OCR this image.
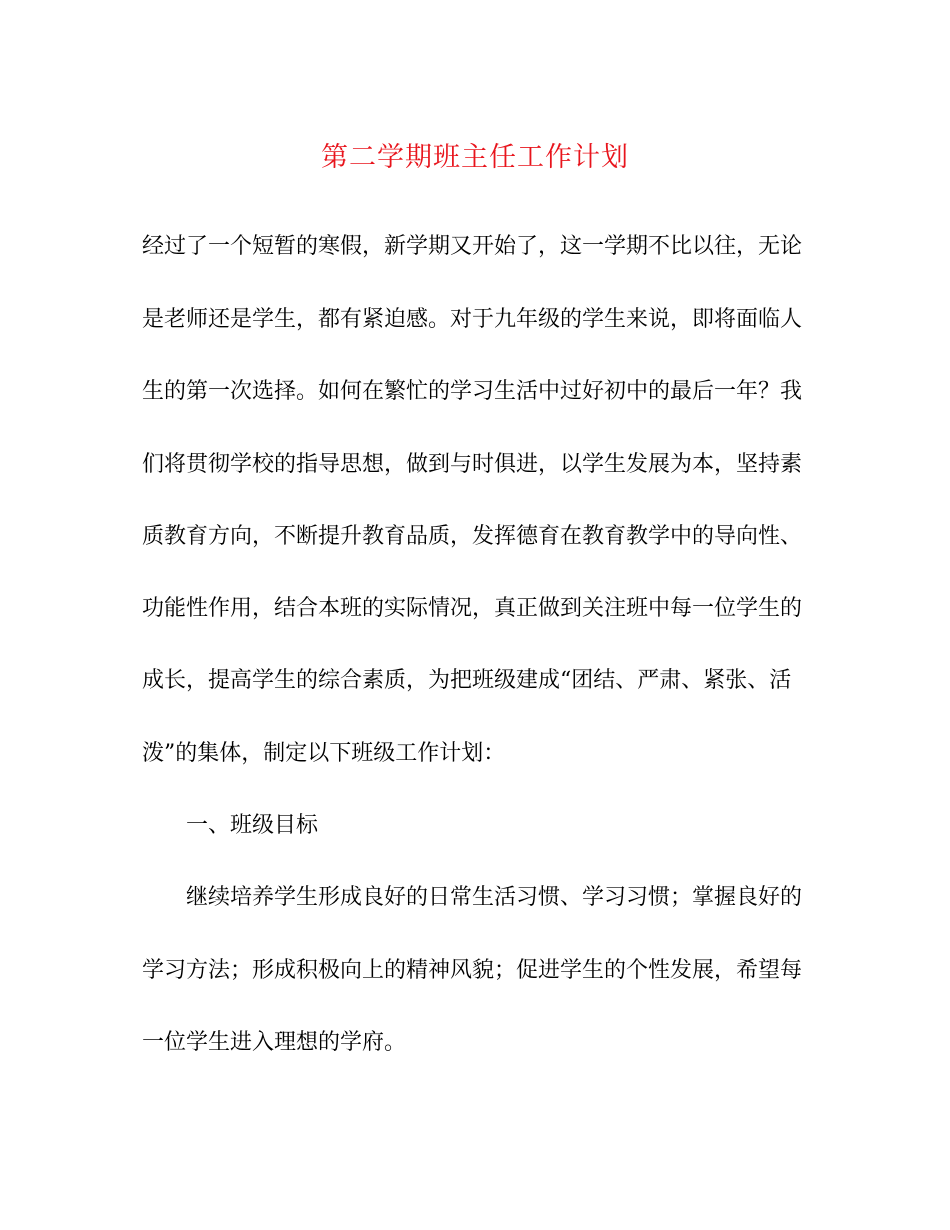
第二学期班主任工作计划
经过了一个短暂的寒假，新学期又开始了，这一学期不比以往，无论
是老师还是学生，都有紧迫感。对于九年级的学生来说，即将面临人
生的第一次选择。如何在繁忙的学习生活中过好初中的最后一年？我
们将贯彻学校的指导思想，做到与时俱进，以学生发展为本，坚持素
质教育方向，不断提升教育品质，发挥德育在教育教学中的导向性、
功能性作用，结合本班的实际情况，真正做到关注班中每一位学生的
成长，提高学生的综合素质，为把班级建成“团结、严肃、紧张、活
泼”的集体，制定以下班级工作计划：
一、班级目标
继续培养学生形成良好的日常生活习惯、学习习惯；掌握良好的
学习方法；形成积极向上的精神风貌；促进学生的个性发展，希望每
一位学生进入理想的学府。
